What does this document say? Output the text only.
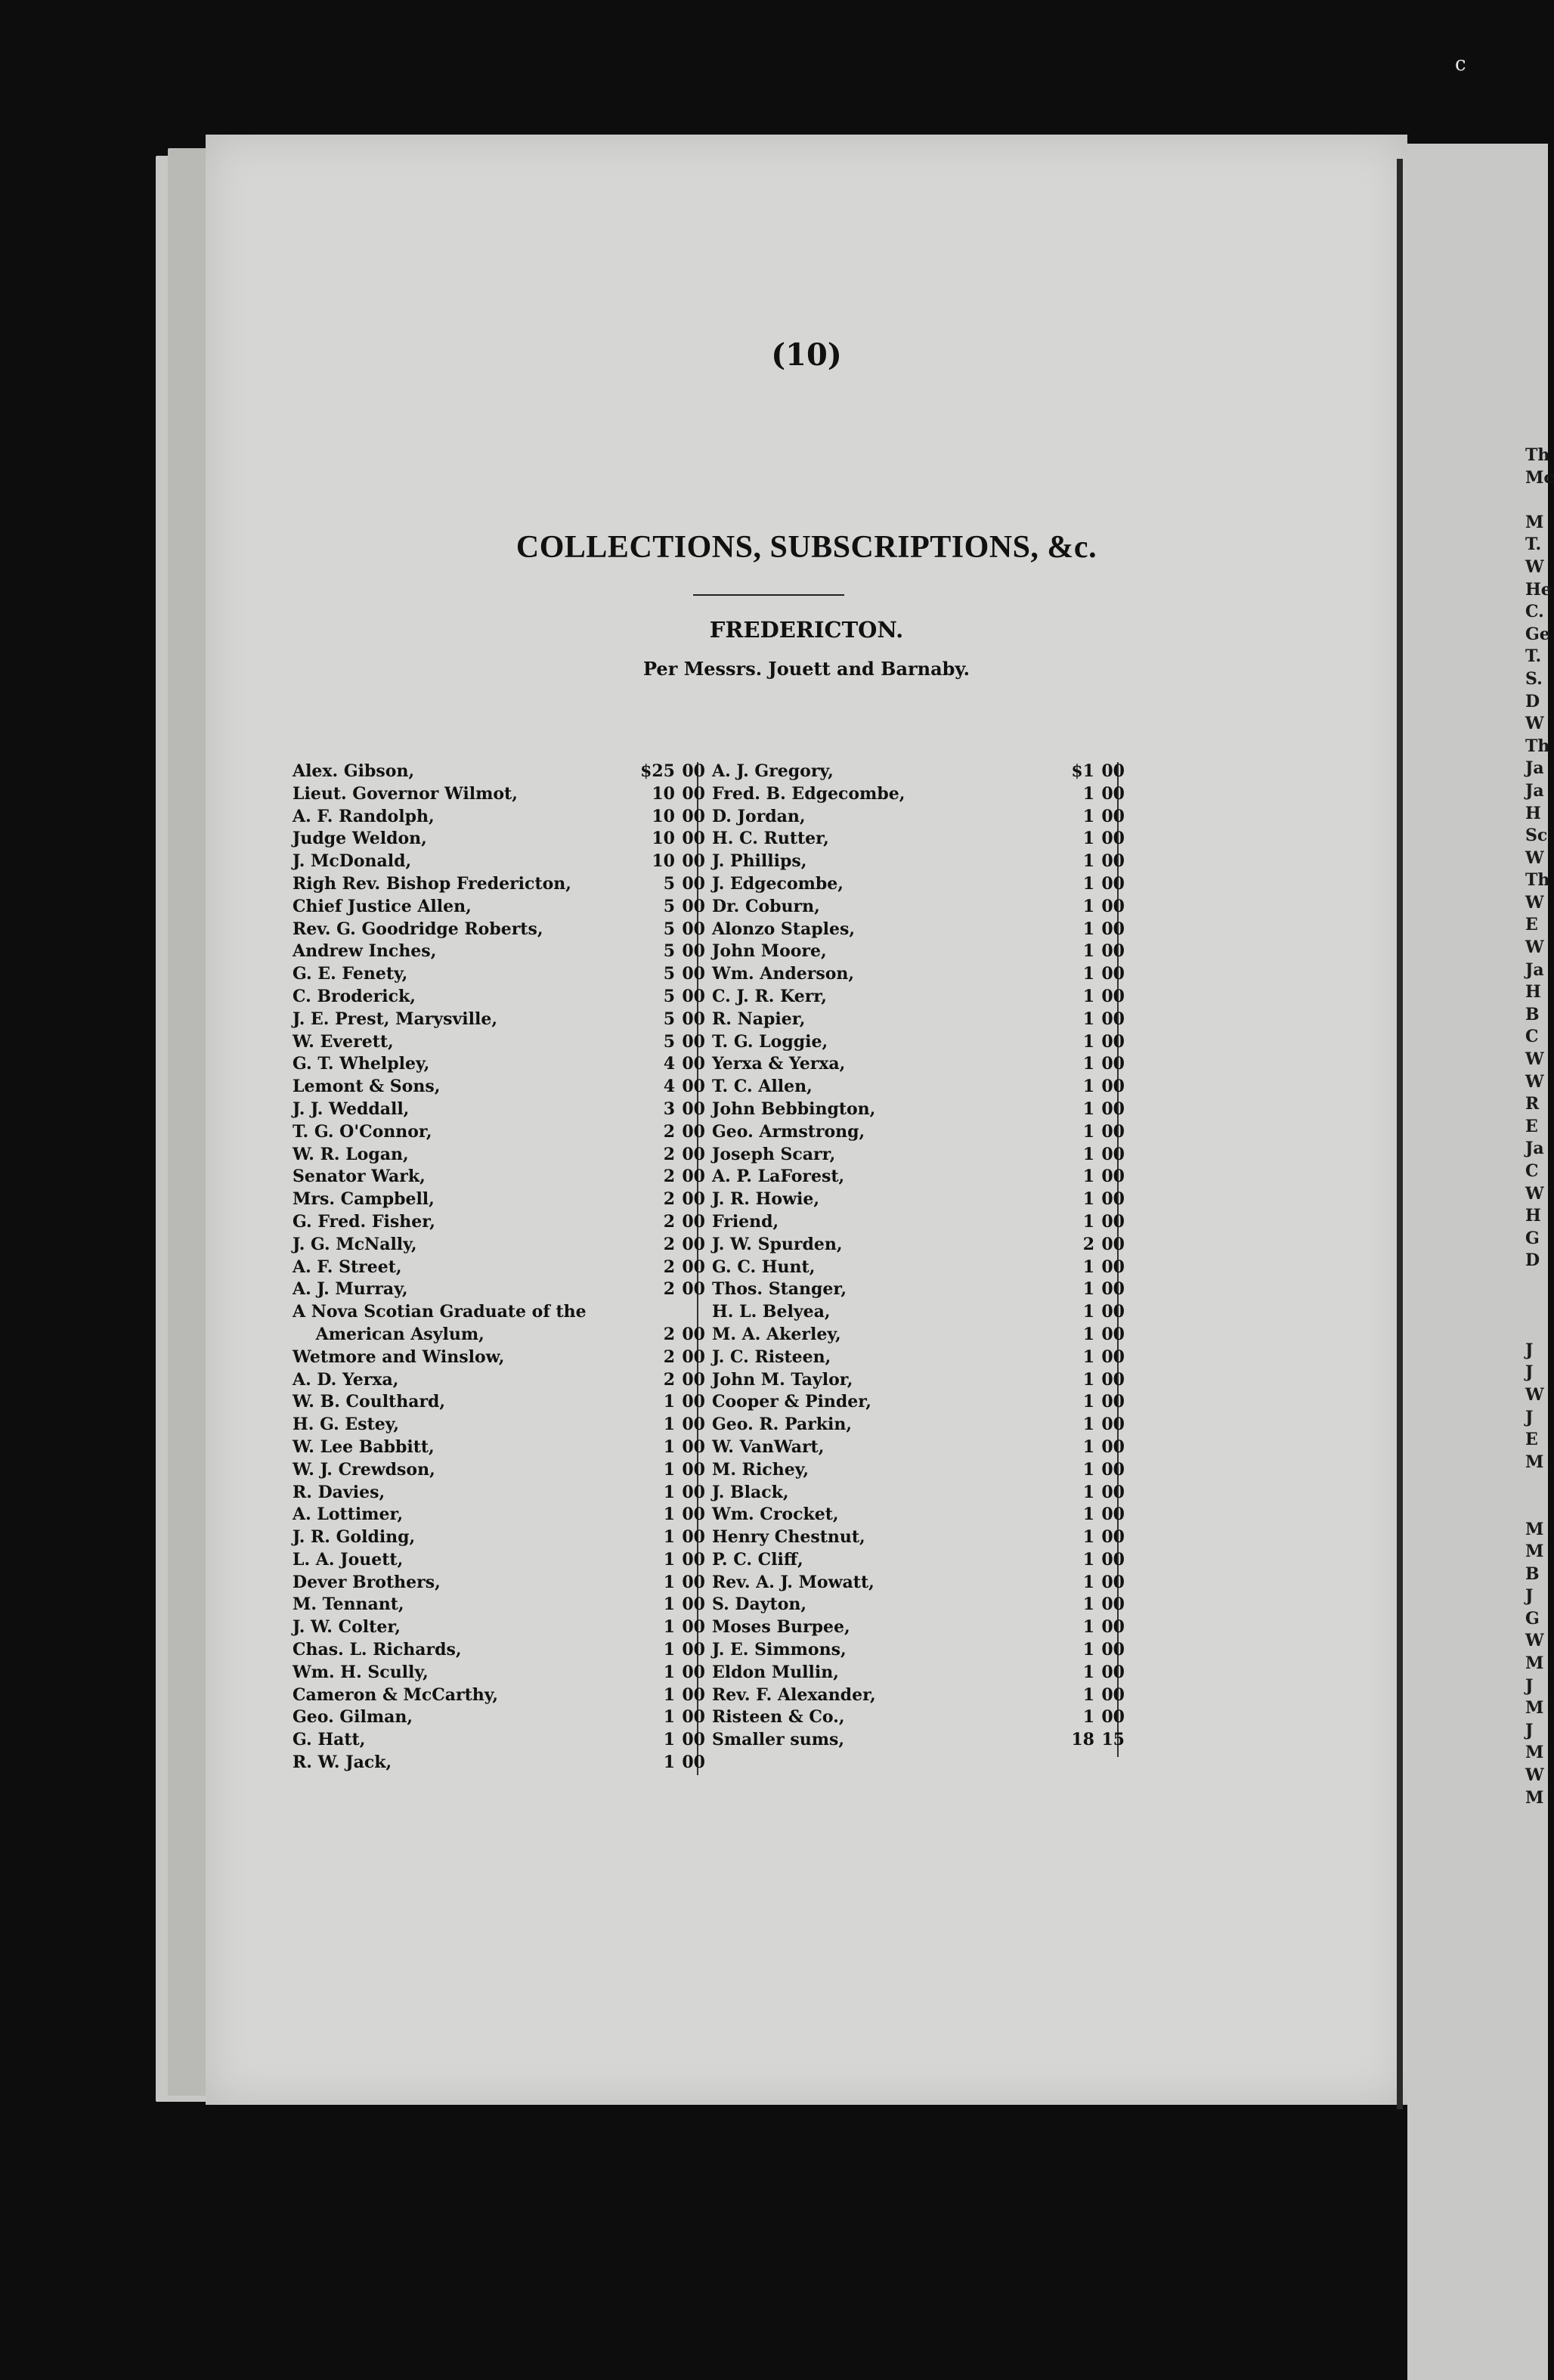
(10)
COLLECTIONS, SUBSCRIPTIONS, &c.
FREDERICTON.
Per Messrs. Jouett and Barnaby.
Alex. Gibson,	$25 00
Lieut. Governor Wilmot,	10 00
A. F. Randolph,	10 00
Judge Weldon,	10 00
J. McDonald,	10 00
Righ Rev. Bishop Fredericton,	5 00
Chief Justice Allen,	5 00
Rev. G. Goodridge Roberts,	5 00
Andrew Inches,	5 00
G. E. Fenety,	5 00
C. Broderick,	5 00
J. E. Prest, Marysville,	5 00
W. Everett,	5 00
G. T. Whelpley,	4 00
Lemont & Sons,	4 00
J. J. Weddall,	3 00
T. G. O'Connor,	2 00
W. R. Logan,	2 00
Senator Wark,	2 00
Mrs. Campbell,	2 00
G. Fred. Fisher,	2 00
J. G. McNally,	2 00
A. F. Street,	2 00
A. J. Murray,	2 00
A Nova Scotian Graduate of the
American Asylum,	2 00
Wetmore and Winslow,	2 00
A. D. Yerxa,	2 00
W. B. Coulthard,	1 00
H. G. Estey,	1 00
W. Lee Babbitt,	1 00
W. J. Crewdson,	1 00
R. Davies,	1 00
A. Lottimer,	1 00
J. R. Golding,	1 00
L. A. Jouett,	1 00
Dever Brothers,	1 00
M. Tennant,	1 00
J. W. Colter,	1 00
Chas. L. Richards,	1 00
Wm. H. Scully,	1 00
Cameron & McCarthy,	1 00
Geo. Gilman,	1 00
G. Hatt,	1 00
R. W. Jack,	1 00
A. J. Gregory,	$1 00
Fred. B. Edgecombe,	1 00
D. Jordan,	1 00
H. C. Rutter,	1 00
J. Phillips,	1 00
J. Edgecombe,	1 00
Dr. Coburn,	1 00
Alonzo Staples,	1 00
John Moore,	1 00
Wm. Anderson,	1 00
C. J. R. Kerr,	1 00
R. Napier,	1 00
T. G. Loggie,	1 00
Yerxa & Yerxa,	1 00
T. C. Allen,	1 00
John Bebbington,	1 00
Geo. Armstrong,	1 00
Joseph Scarr,	1 00
A. P. LaForest,	1 00
J. R. Howie,	1 00
Friend,	1 00
J. W. Spurden,	2 00
G. C. Hunt,	1 00
Thos. Stanger,	1 00
H. L. Belyea,	1 00
M. A. Akerley,	1 00
J. C. Risteen,	1 00
John M. Taylor,	1 00
Cooper & Pinder,	1 00
Geo. R. Parkin,	1 00
W. VanWart,	1 00
M. Richey,	1 00
J. Black,	1 00
Wm. Crocket,	1 00
Henry Chestnut,	1 00
P. C. Cliff,	1 00
Rev. A. J. Mowatt,	1 00
S. Dayton,	1 00
Moses Burpee,	1 00
J. E. Simmons,	1 00
Eldon Mullin,	1 00
Rev. F. Alexander,	1 00
Risteen & Co.,	1 00
Smaller sums,	18 15
Th
Mc
M
T.
W
He
C.
Ge
T.
S.
D
W
Th
Ja
Ja
H
Sc
W
Th
W
E
W
Ja
H
B
C
W
W
R
E
Ja
C
W
H
G
D
J
J
W
J
E
M
M
M
B
J
G
W
M
J
M
J
M
W
M
c
